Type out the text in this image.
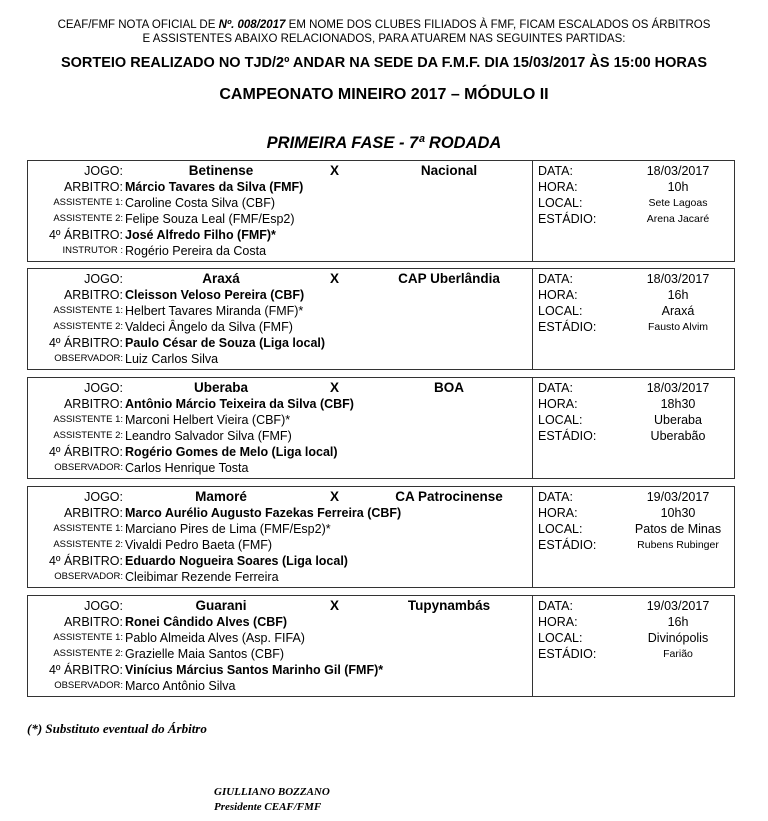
CEAF/FMF NOTA OFICIAL DE Nº. 008/2017 EM NOME DOS CLUBES FILIADOS À FMF, FICAM ESCALADOS OS ÁRBITROS
E ASSISTENTES ABAIXO RELACIONADOS, PARA ATUAREM NAS SEGUINTES PARTIDAS:
SORTEIO REALIZADO NO TJD/2º ANDAR NA SEDE DA F.M.F. DIA 15/03/2017 ÀS 15:00 HORAS
CAMPEONATO MINEIRO 2017 – MÓDULO II
PRIMEIRA FASE - 7ª RODADA
JOGO:	Betinense	X	Nacional	DATA:	18/03/2017
ARBITRO: Márcio Tavares da Silva (FMF)	HORA:	10h
ASSISTENTE 1: Caroline Costa Silva (CBF)	LOCAL:	Sete Lagoas
ASSISTENTE 2: Felipe Souza Leal (FMF/Esp2)	ESTÁDIO:	Arena Jacaré
4º ÁRBITRO: José Alfredo Filho (FMF)*
INSTRUTOR : Rogério Pereira da Costa
JOGO:	Araxá	X	CAP Uberlândia	DATA:	18/03/2017
ARBITRO: Cleisson Veloso Pereira (CBF)	HORA:	16h
ASSISTENTE 1: Helbert Tavares Miranda (FMF)*	LOCAL:	Araxá
ASSISTENTE 2: Valdeci Ângelo da Silva (FMF)	ESTÁDIO:	Fausto Alvim
4º ÁRBITRO: Paulo César de Souza (Liga local)
OBSERVADOR: Luiz Carlos Silva
JOGO:	Uberaba	X	BOA	DATA:	18/03/2017
ARBITRO: Antônio Márcio Teixeira da Silva (CBF)	HORA:	18h30
ASSISTENTE 1: Marconi Helbert Vieira (CBF)*	LOCAL:	Uberaba
ASSISTENTE 2: Leandro Salvador Silva (FMF)	ESTÁDIO:	Uberabão
4º ÁRBITRO: Rogério Gomes de Melo (Liga local)
OBSERVADOR: Carlos Henrique Tosta
JOGO:	Mamoré	X	CA Patrocinense	DATA:	19/03/2017
ARBITRO: Marco Aurélio Augusto Fazekas Ferreira (CBF)	HORA:	10h30
ASSISTENTE 1: Marciano Pires de Lima (FMF/Esp2)*	LOCAL:	Patos de Minas
ASSISTENTE 2: Vivaldi Pedro Baeta (FMF)	ESTÁDIO:	Rubens Rubinger
4º ÁRBITRO: Eduardo Nogueira Soares (Liga local)
OBSERVADOR: Cleibimar Rezende Ferreira
JOGO:	Guarani	X	Tupynambás	DATA:	19/03/2017
ARBITRO: Ronei Cândido Alves (CBF)	HORA:	16h
ASSISTENTE 1: Pablo Almeida Alves (Asp. FIFA)	LOCAL:	Divinópolis
ASSISTENTE 2: Grazielle Maia Santos (CBF)	ESTÁDIO:	Farião
4º ÁRBITRO: Vinícius Március Santos Marinho Gil (FMF)*
OBSERVADOR: Marco Antônio Silva
(*) Substituto eventual do Árbitro
GIULLIANO BOZZANO
Presidente CEAF/FMF
